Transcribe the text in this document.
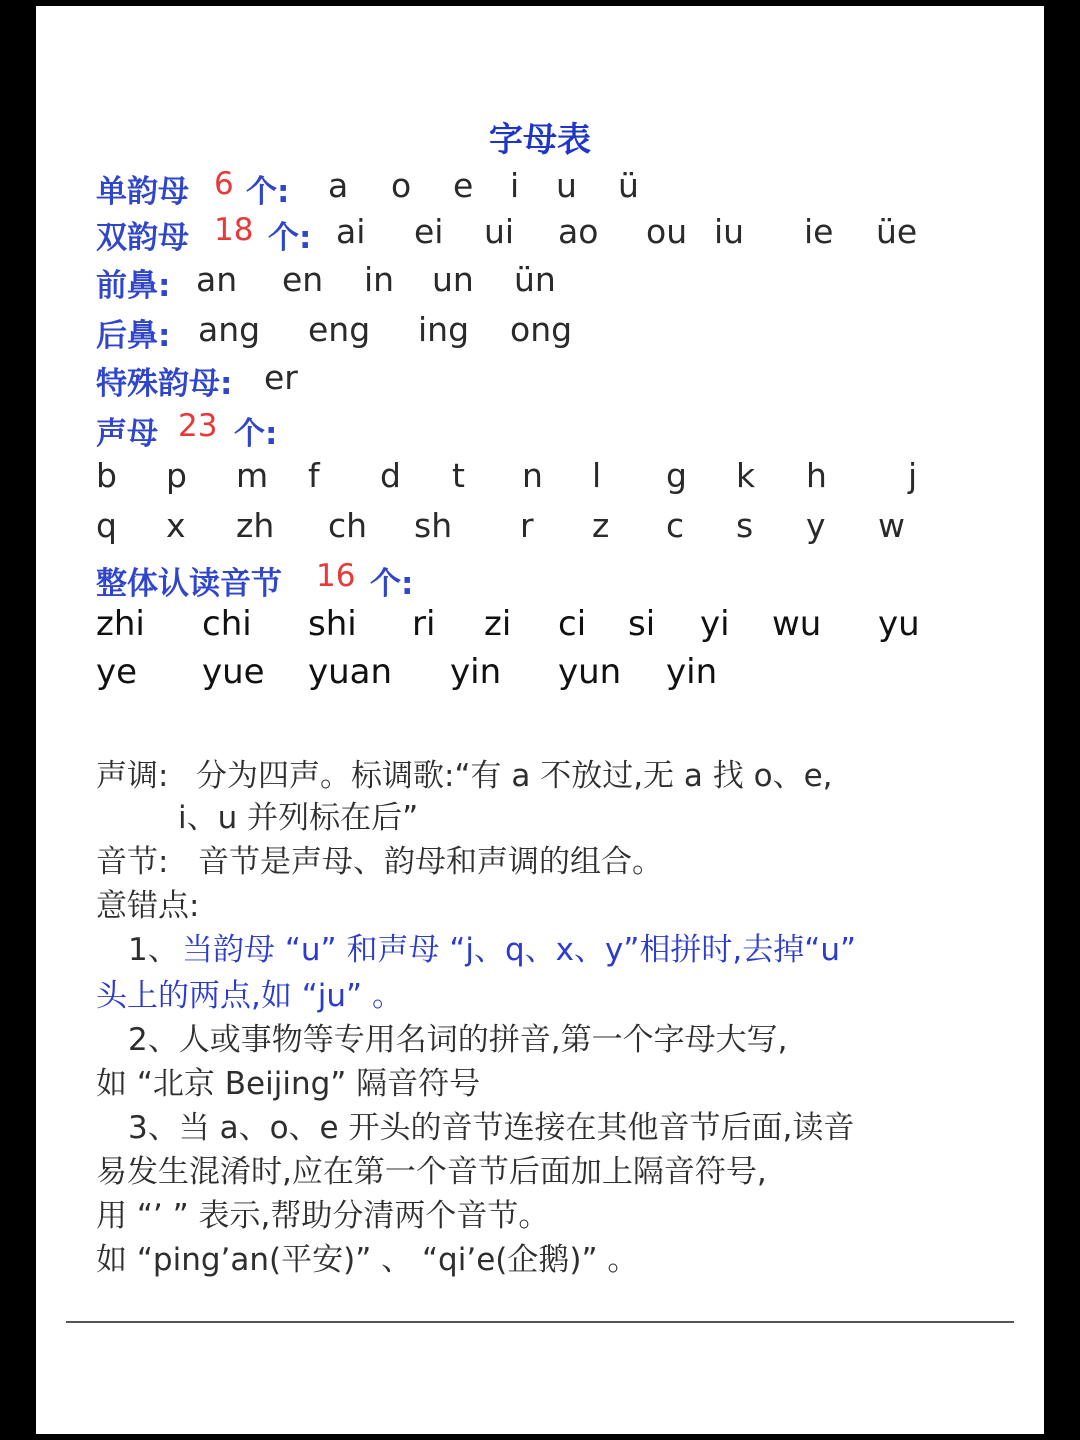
字母表
单韵母 6 个: a o e i u ü
双韵母 18 个: ai ei ui ao ou iu ie üe
前鼻: an en in un ün
后鼻: ang eng ing ong
特殊韵母: er
声母 23 个:
b p m f d t n l g k h j
q x zh ch sh r z c s y w
整体认读音节 16 个:
zhi chi shi ri zi ci si yi wu yu
ye yue yuan yin yun yin
声调: 分为四声。标调歌:“有 a 不放过,无 a 找 o、e,
i、u 并列标在后”
音节: 音节是声母、韵母和声调的组合。
意错点:
1、 当韵母 “u” 和声母 “j、q、x、y”相拼时,去掉“u”
头上的两点,如 “ju” 。
2、人或事物等专用名词的拼音,第一个字母大写,
如 “北京 Beijing” 隔音符号
3、当 a、o、e 开头的音节连接在其他音节后面,读音
易发生混淆时,应在第一个音节后面加上隔音符号,
用 “’ ” 表示,帮助分清两个音节。
如 “ping’an(平安)” 、 “qi’e(企鹅)” 。
